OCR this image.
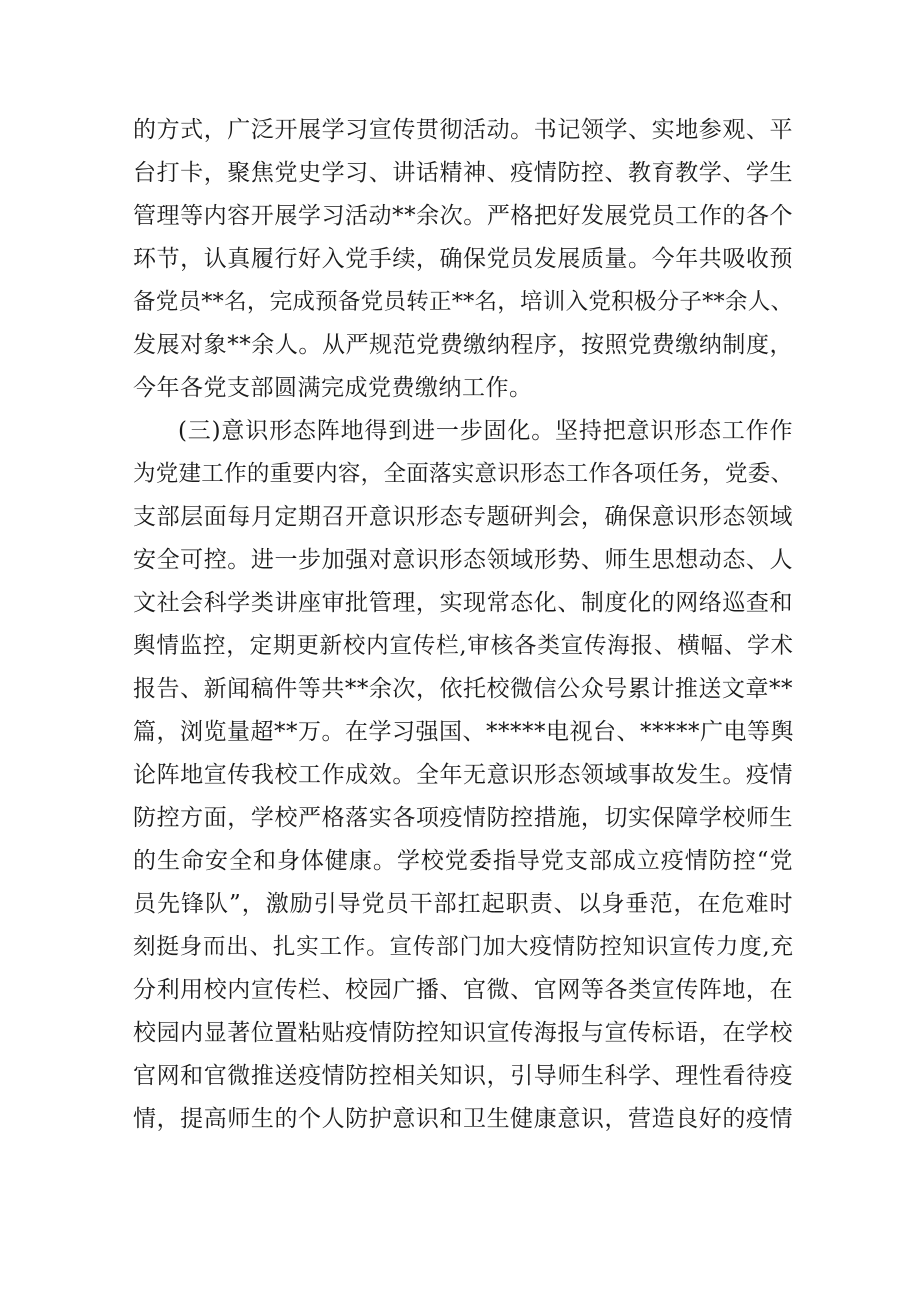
的方式，广泛开展学习宣传贯彻活动。书记领学、实地参观、平
台打卡，聚焦党史学习、讲话精神、疫情防控、教育教学、学生
管理等内容开展学习活动**余次。严格把好发展党员工作的各个
环节，认真履行好入党手续，确保党员发展质量。今年共吸收预
备党员**名，完成预备党员转正**名，培训入党积极分子**余人、
发展对象**余人。从严规范党费缴纳程序，按照党费缴纳制度，
今年各党支部圆满完成党费缴纳工作。
(三)意识形态阵地得到进一步固化。坚持把意识形态工作作
为党建工作的重要内容，全面落实意识形态工作各项任务，党委、
支部层面每月定期召开意识形态专题研判会，确保意识形态领域
安全可控。进一步加强对意识形态领域形势、师生思想动态、人
文社会科学类讲座审批管理，实现常态化、制度化的网络巡查和
舆情监控，定期更新校内宣传栏,审核各类宣传海报、横幅、学术
报告、新闻稿件等共**余次，依托校微信公众号累计推送文章**
篇，浏览量超**万。在学习强国、*****电视台、*****广电等舆
论阵地宣传我校工作成效。全年无意识形态领域事故发生。疫情
防控方面，学校严格落实各项疫情防控措施，切实保障学校师生
的生命安全和身体健康。学校党委指导党支部成立疫情防控“党
员先锋队”，激励引导党员干部扛起职责、以身垂范，在危难时
刻挺身而出、扎实工作。宣传部门加大疫情防控知识宣传力度,充
分利用校内宣传栏、校园广播、官微、官网等各类宣传阵地，在
校园内显著位置粘贴疫情防控知识宣传海报与宣传标语，在学校
官网和官微推送疫情防控相关知识，引导师生科学、理性看待疫
情，提高师生的个人防护意识和卫生健康意识，营造良好的疫情
